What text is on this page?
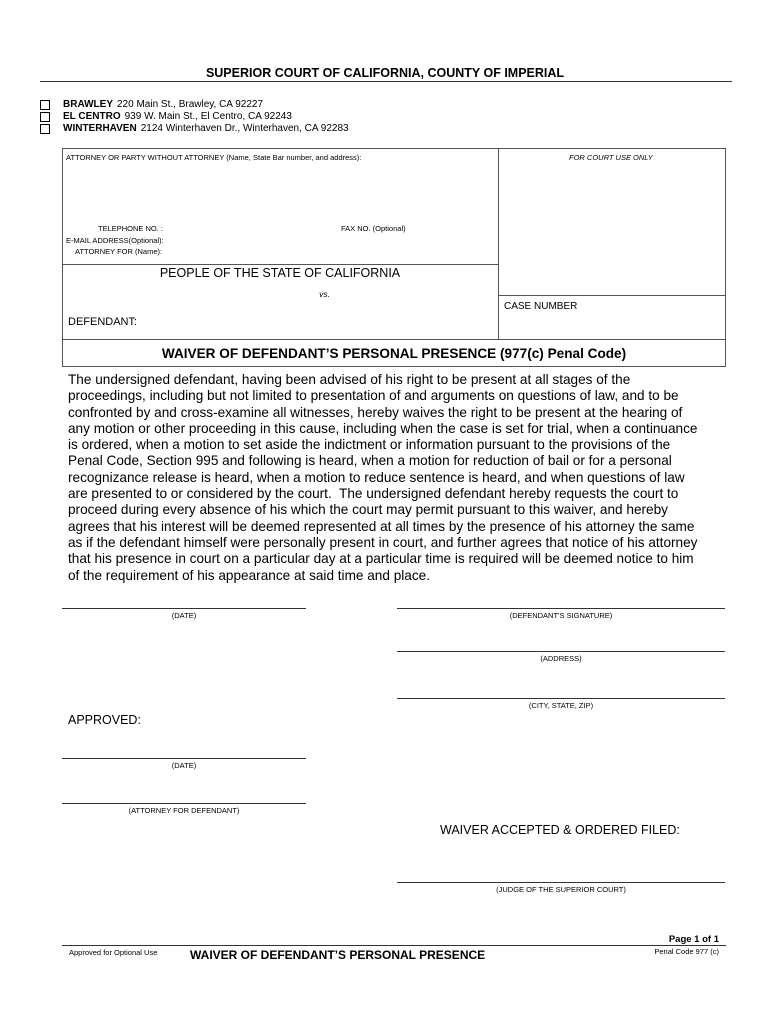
SUPERIOR COURT OF CALIFORNIA, COUNTY OF IMPERIAL
BRAWLEY 220 Main St., Brawley, CA 92227
EL CENTRO 939 W. Main St., El Centro, CA 92243
WINTERHAVEN 2124 Winterhaven Dr., Winterhaven, CA 92283
ATTORNEY OR PARTY WITHOUT ATTORNEY (Name, State Bar number, and address):	FOR COURT USE ONLY
TELEPHONE NO. :	FAX NO. (Optional)
E-MAIL ADDRESS(Optional):
ATTORNEY FOR (Name):
PEOPLE OF THE STATE OF CALIFORNIA
vs.
DEFENDANT:
CASE NUMBER
WAIVER OF DEFENDANT’S PERSONAL PRESENCE (977(c) Penal Code)
The undersigned defendant, having been advised of his right to be present at all stages of the
proceedings, including but not limited to presentation of and arguments on questions of law, and to be
confronted by and cross-examine all witnesses, hereby waives the right to be present at the hearing of
any motion or other proceeding in this cause, including when the case is set for trial, when a continuance
is ordered, when a motion to set aside the indictment or information pursuant to the provisions of the
Penal Code, Section 995 and following is heard, when a motion for reduction of bail or for a personal
recognizance release is heard, when a motion to reduce sentence is heard, and when questions of law
are presented to or considered by the court.  The undersigned defendant hereby requests the court to
proceed during every absence of his which the court may permit pursuant to this waiver, and hereby
agrees that his interest will be deemed represented at all times by the presence of his attorney the same
as if the defendant himself were personally present in court, and further agrees that notice of his attorney
that his presence in court on a particular day at a particular time is required will be deemed notice to him
of the requirement of his appearance at said time and place.
(DATE)	(DEFENDANT'S SIGNATURE)
(ADDRESS)
(CITY, STATE, ZIP)
APPROVED:
(DATE)
(ATTORNEY FOR DEFENDANT)
WAIVER ACCEPTED & ORDERED FILED:
(JUDGE OF THE SUPERIOR COURT)
Page 1 of 1
Approved for Optional Use	WAIVER OF DEFENDANT’S PERSONAL PRESENCE	Penal Code 977 (c)
